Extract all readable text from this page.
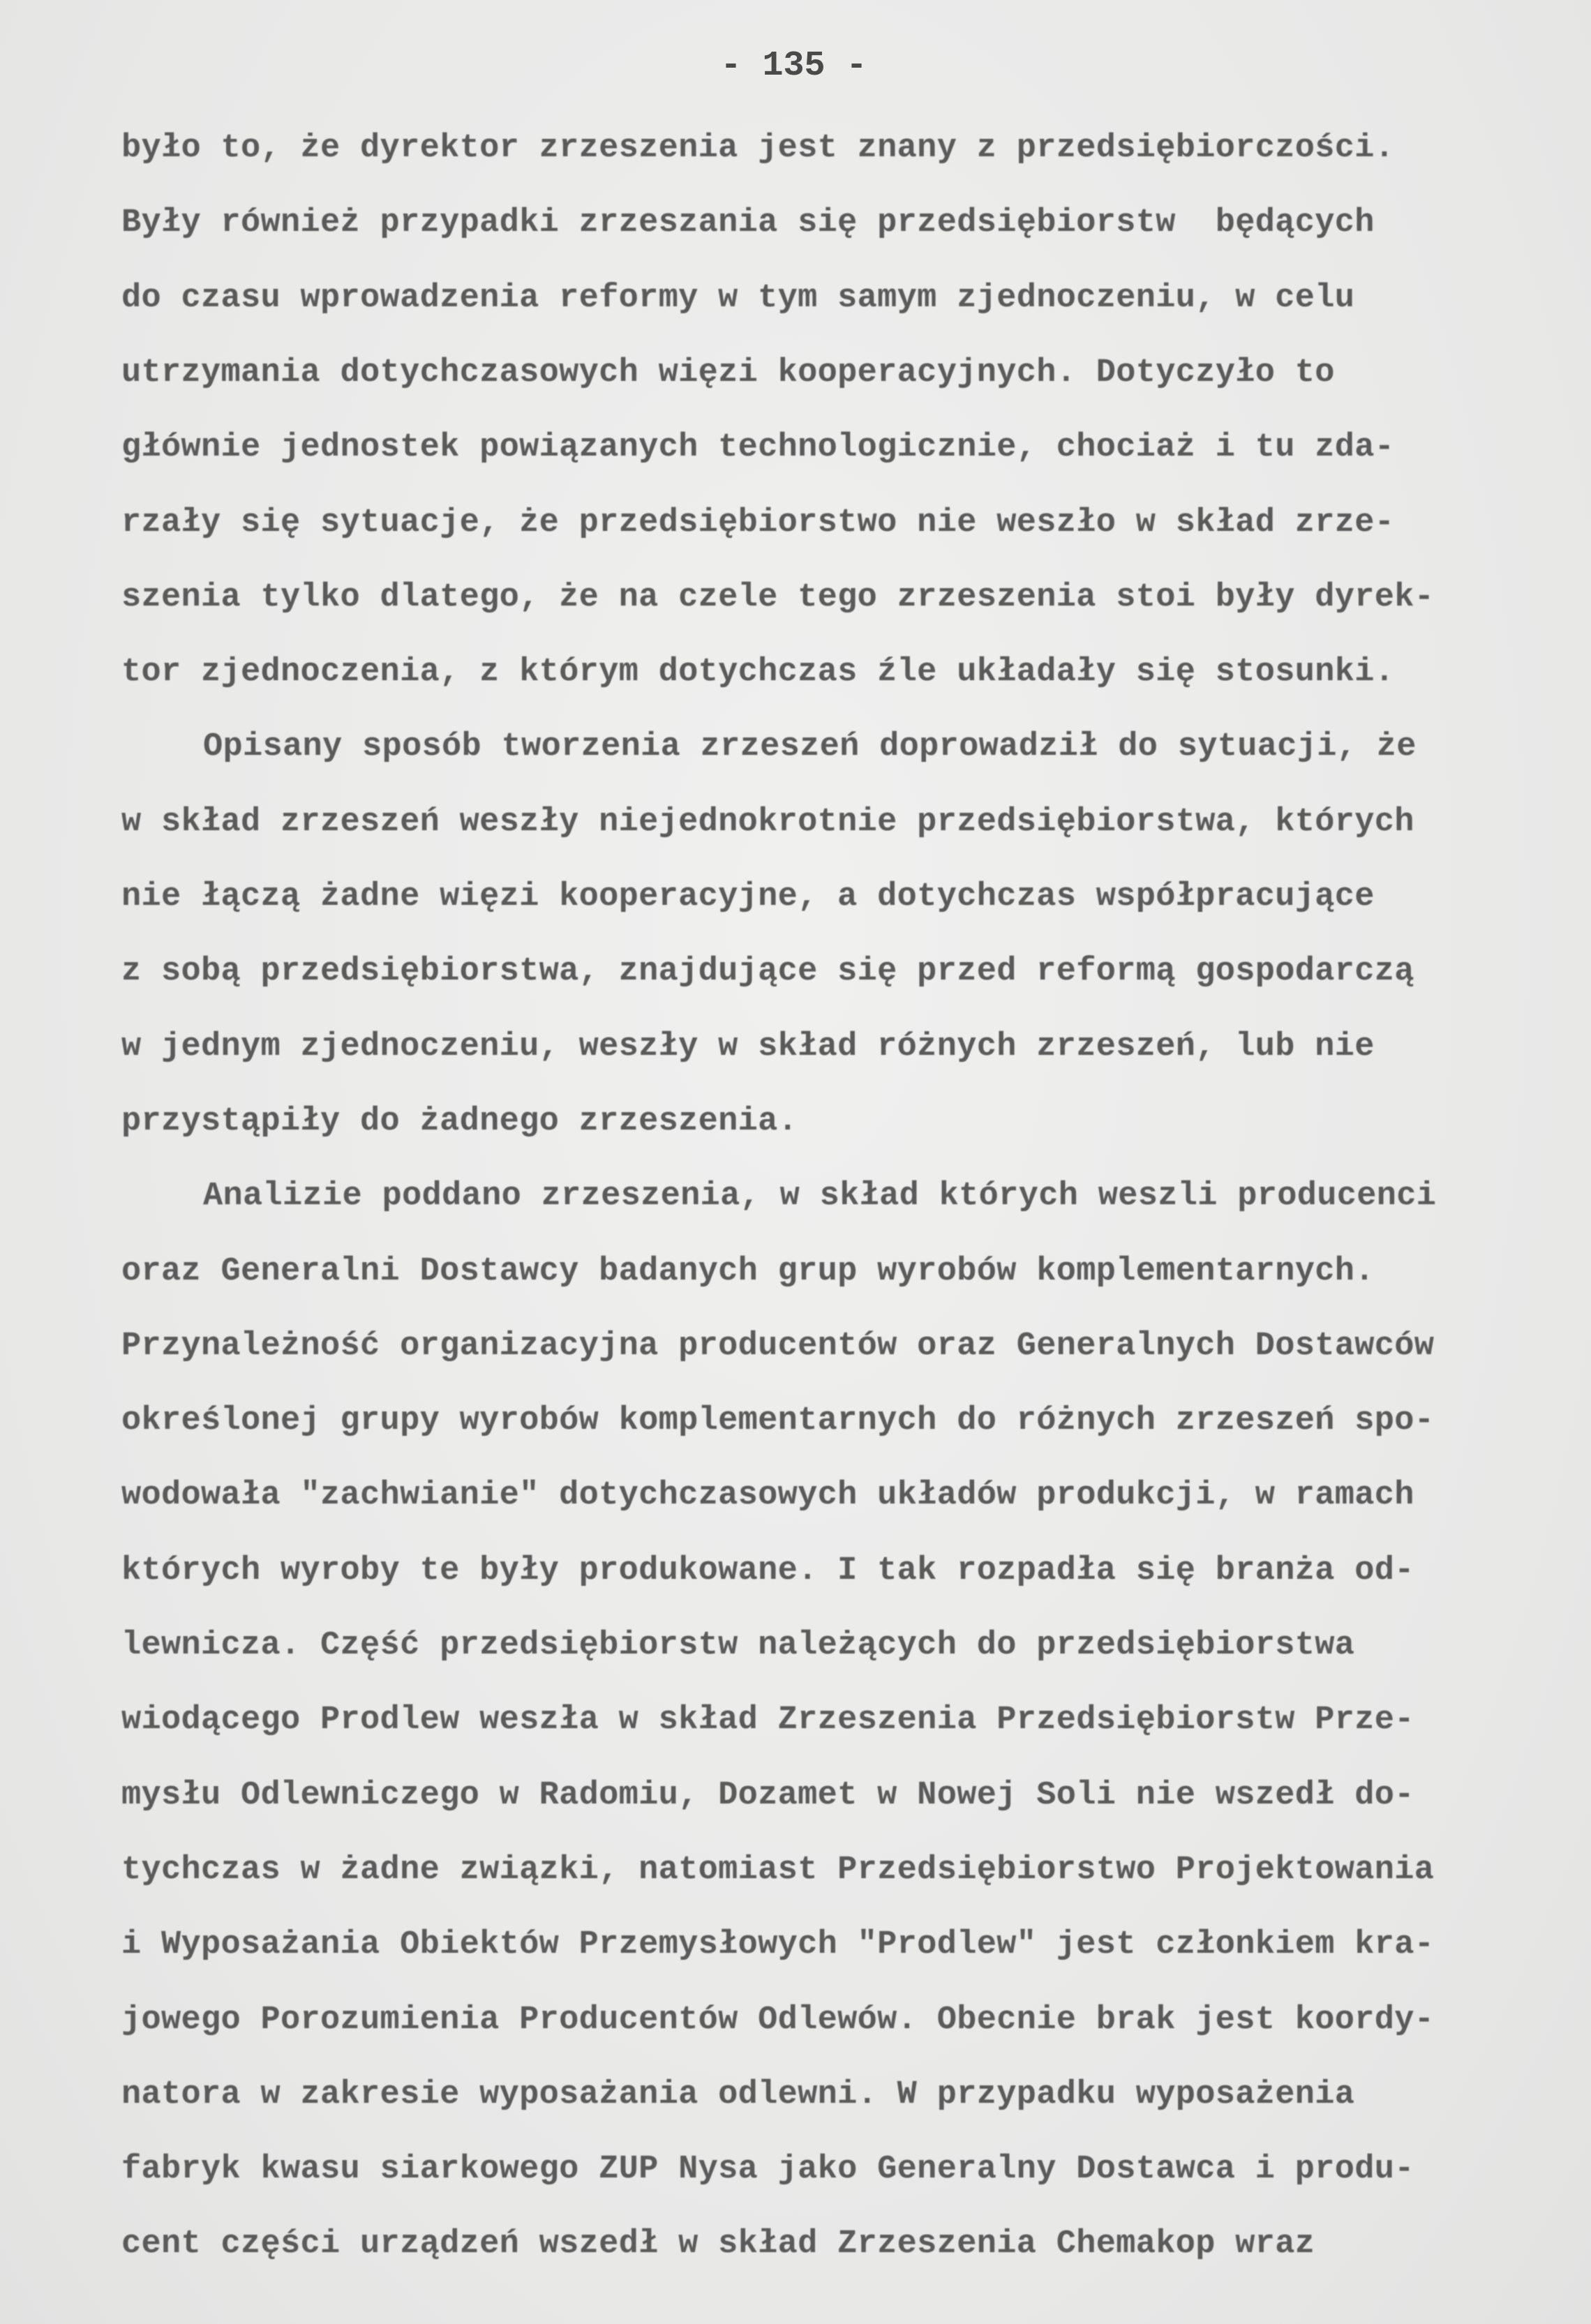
- 135 -
było to, że dyrektor zrzeszenia jest znany z przedsiębiorczości.
Były również przypadki zrzeszania się przedsiębiorstw  będących
do czasu wprowadzenia reformy w tym samym zjednoczeniu, w celu
utrzymania dotychczasowych więzi kooperacyjnych. Dotyczyło to
głównie jednostek powiązanych technologicznie, chociaż i tu zda-
rzały się sytuacje, że przedsiębiorstwo nie weszło w skład zrze-
szenia tylko dlatego, że na czele tego zrzeszenia stoi były dyrek-
tor zjednoczenia, z którym dotychczas źle układały się stosunki.
Opisany sposób tworzenia zrzeszeń doprowadził do sytuacji, że
w skład zrzeszeń weszły niejednokrotnie przedsiębiorstwa, których
nie łączą żadne więzi kooperacyjne, a dotychczas współpracujące
z sobą przedsiębiorstwa, znajdujące się przed reformą gospodarczą
w jednym zjednoczeniu, weszły w skład różnych zrzeszeń, lub nie
przystąpiły do żadnego zrzeszenia.
Analizie poddano zrzeszenia, w skład których weszli producenci
oraz Generalni Dostawcy badanych grup wyrobów komplementarnych.
Przynależność organizacyjna producentów oraz Generalnych Dostawców
określonej grupy wyrobów komplementarnych do różnych zrzeszeń spo-
wodowała "zachwianie" dotychczasowych układów produkcji, w ramach
których wyroby te były produkowane. I tak rozpadła się branża od-
lewnicza. Część przedsiębiorstw należących do przedsiębiorstwa
wiodącego Prodlew weszła w skład Zrzeszenia Przedsiębiorstw Prze-
mysłu Odlewniczego w Radomiu, Dozamet w Nowej Soli nie wszedł do-
tychczas w żadne związki, natomiast Przedsiębiorstwo Projektowania
i Wyposażania Obiektów Przemysłowych "Prodlew" jest członkiem kra-
jowego Porozumienia Producentów Odlewów. Obecnie brak jest koordy-
natora w zakresie wyposażania odlewni. W przypadku wyposażenia
fabryk kwasu siarkowego ZUP Nysa jako Generalny Dostawca i produ-
cent części urządzeń wszedł w skład Zrzeszenia Chemakop wraz
